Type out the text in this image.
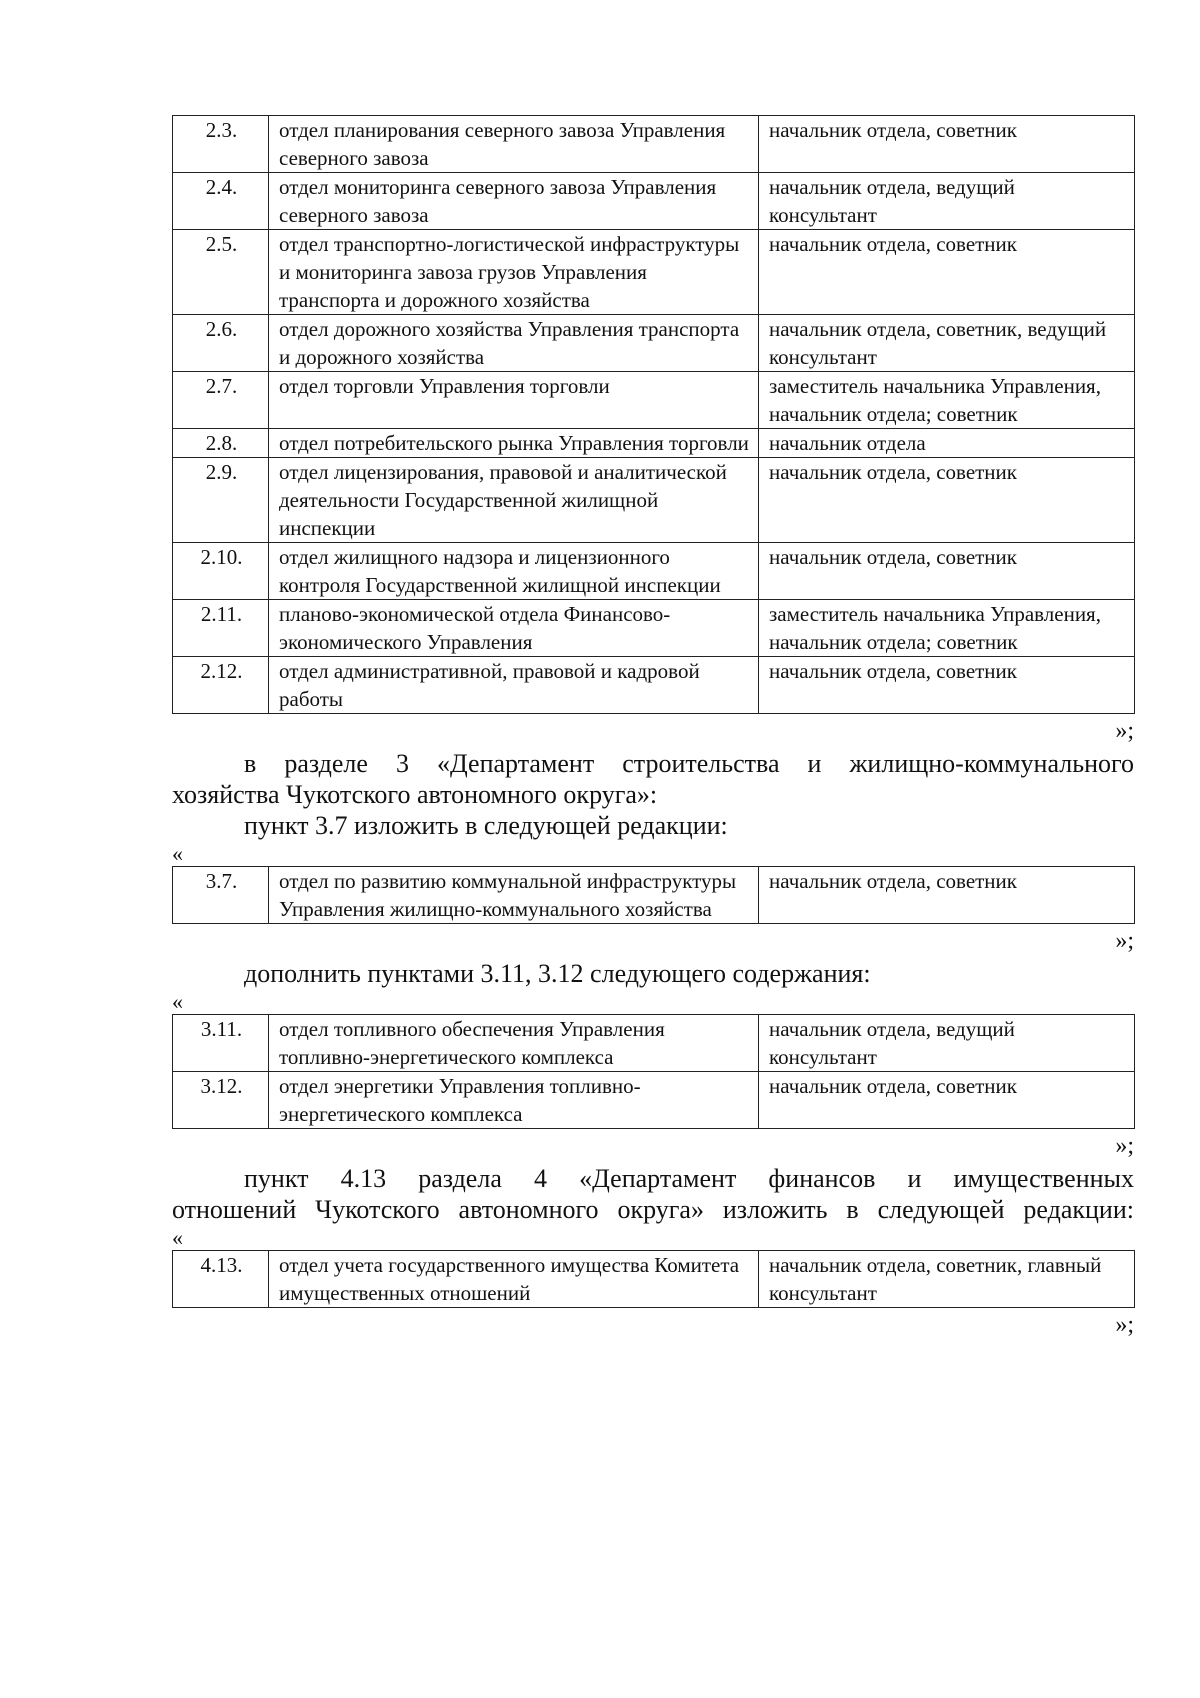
2.3.	отдел планирования северного завоза Управления северного завоза	начальник отдела, советник
2.4.	отдел мониторинга северного завоза Управления северного завоза	начальник отдела, ведущий консультант
2.5.	отдел транспортно-логистической инфраструктуры и мониторинга завоза грузов Управления транспорта и дорожного хозяйства	начальник отдела, советник
2.6.	отдел дорожного хозяйства Управления транспорта и дорожного хозяйства	начальник отдела, советник, ведущий консультант
2.7.	отдел торговли Управления торговли	заместитель начальника Управления, начальник отдела; советник
2.8.	отдел потребительского рынка Управления торговли	начальник отдела
2.9.	отдел лицензирования, правовой и аналитической деятельности Государственной жилищной инспекции	начальник отдела, советник
2.10.	отдел жилищного надзора и лицензионного контроля Государственной жилищной инспекции	начальник отдела, советник
2.11.	планово-экономической отдела Финансово-экономического Управления	заместитель начальника Управления, начальник отдела; советник
2.12.	отдел административной, правовой и кадровой работы	начальник отдела, советник
»;
в разделе 3 «Департамент строительства и жилищно-коммунального
хозяйства Чукотского автономного округа»:
пункт 3.7 изложить в следующей редакции:
«
3.7.	отдел по развитию коммунальной инфраструктуры Управления жилищно-коммунального хозяйства	начальник отдела, советник
»;
дополнить пунктами 3.11, 3.12 следующего содержания:
«
3.11.	отдел топливного обеспечения Управления топливно-энергетического комплекса	начальник отдела, ведущий консультант
3.12.	отдел энергетики Управления топливно-энергетического комплекса	начальник отдела, советник
»;
пункт 4.13 раздела 4 «Департамент финансов и имущественных
отношений Чукотского автономного округа» изложить в следующей редакции:
«
4.13.	отдел учета государственного имущества Комитета имущественных отношений	начальник отдела, советник, главный консультант
»;
